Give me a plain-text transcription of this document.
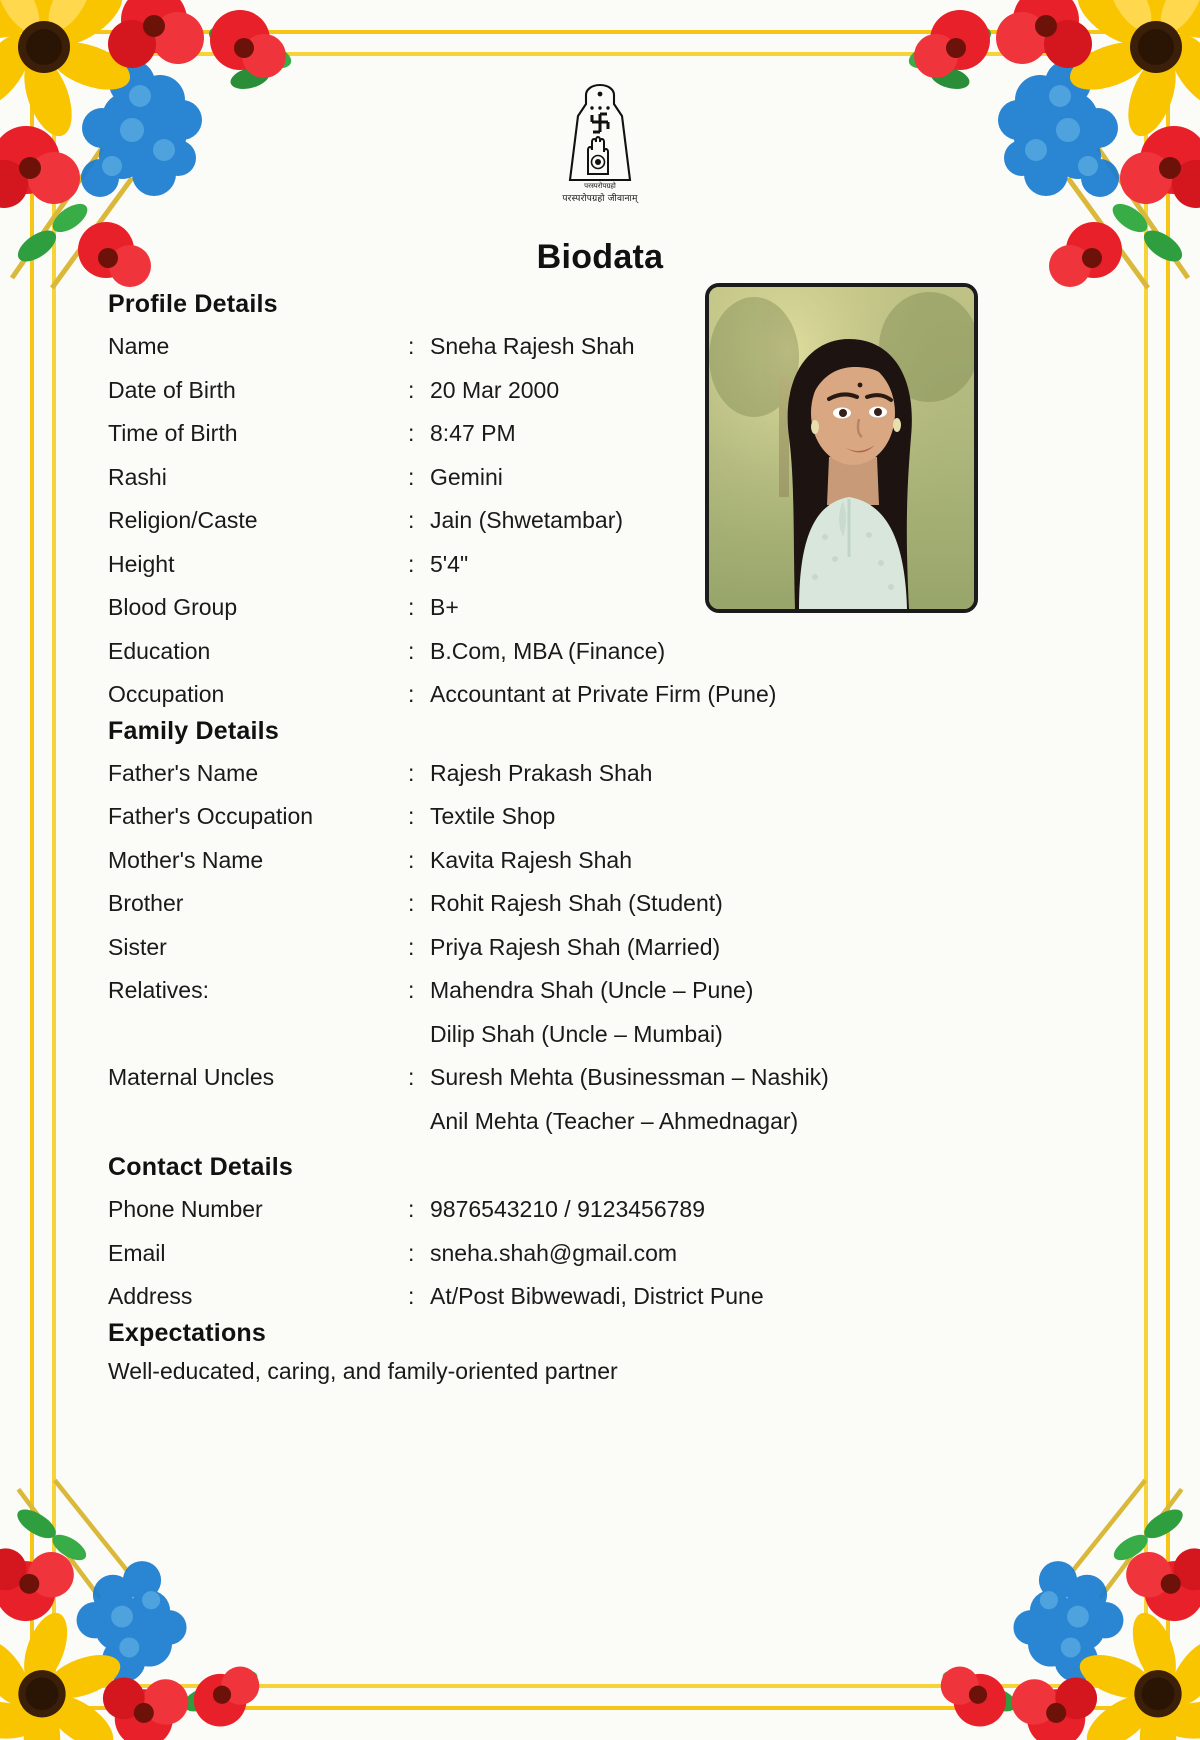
परस्परोपग्रहो
परस्परोपग्रहो जीवानाम्
Biodata
Profile Details
Name	:	Sneha Rajesh Shah
Date of Birth	:	20 Mar 2000
Time of Birth	:	8:47 PM
Rashi	:	Gemini
Religion/Caste	:	Jain (Shwetambar)
Height	:	5'4"
Blood Group	:	B+
Education	:	B.Com, MBA (Finance)
Occupation	:	Accountant at Private Firm (Pune)
Family Details
Father's Name	:	Rajesh Prakash Shah
Father's Occupation	:	Textile Shop
Mother's Name	:	Kavita Rajesh Shah
Brother	:	Rohit Rajesh Shah (Student)
Sister	:	Priya Rajesh Shah (Married)
Relatives:	:	Mahendra Shah (Uncle – Pune)
Dilip Shah (Uncle – Mumbai)

Maternal Uncles	:	Suresh Mehta (Businessman – Nashik)
Anil Mehta (Teacher – Ahmednagar)
Contact Details
Phone Number	:	9876543210 / 9123456789
Email	:	sneha.shah@gmail.com
Address	:	At/Post Bibwewadi, District Pune
Expectations
Well-educated, caring, and family-oriented partner
